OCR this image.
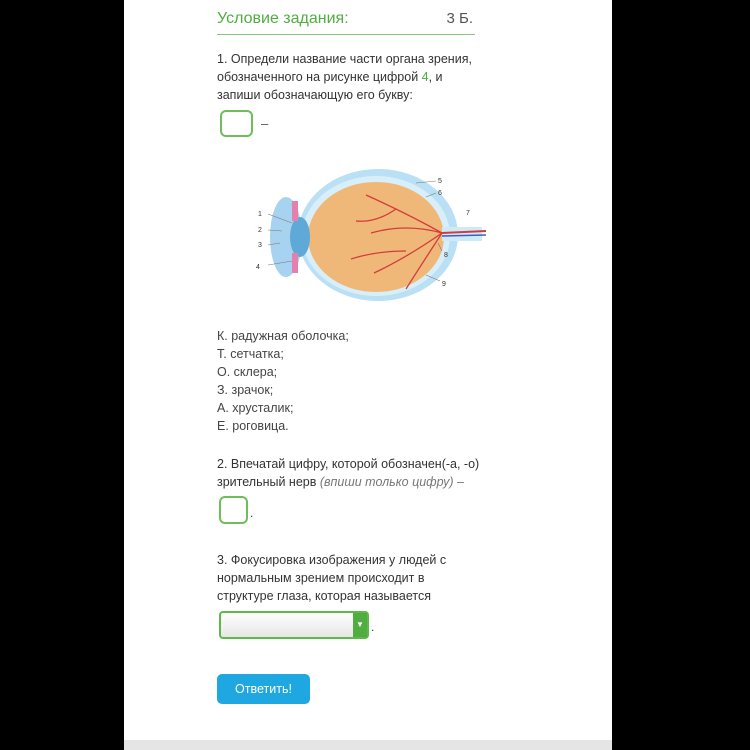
Условие задания:	3 Б.
1. Определи название части органа зрения, обозначенного на рисунке цифрой 4, и запиши обозначающую его букву:
–
1
2
3
4
5
6
7
8
9
К. радужная оболочка;
Т. сетчатка;
О. склера;
З. зрачок;
А. хрусталик;
Е. роговица.
2. Впечатай цифру, которой обозначен(-а, -о) зрительный нерв (впиши только цифру) –
.
3. Фокусировка изображения у людей с нормальным зрением происходит в структуре глаза, которая называется
▼ .
Ответить!
